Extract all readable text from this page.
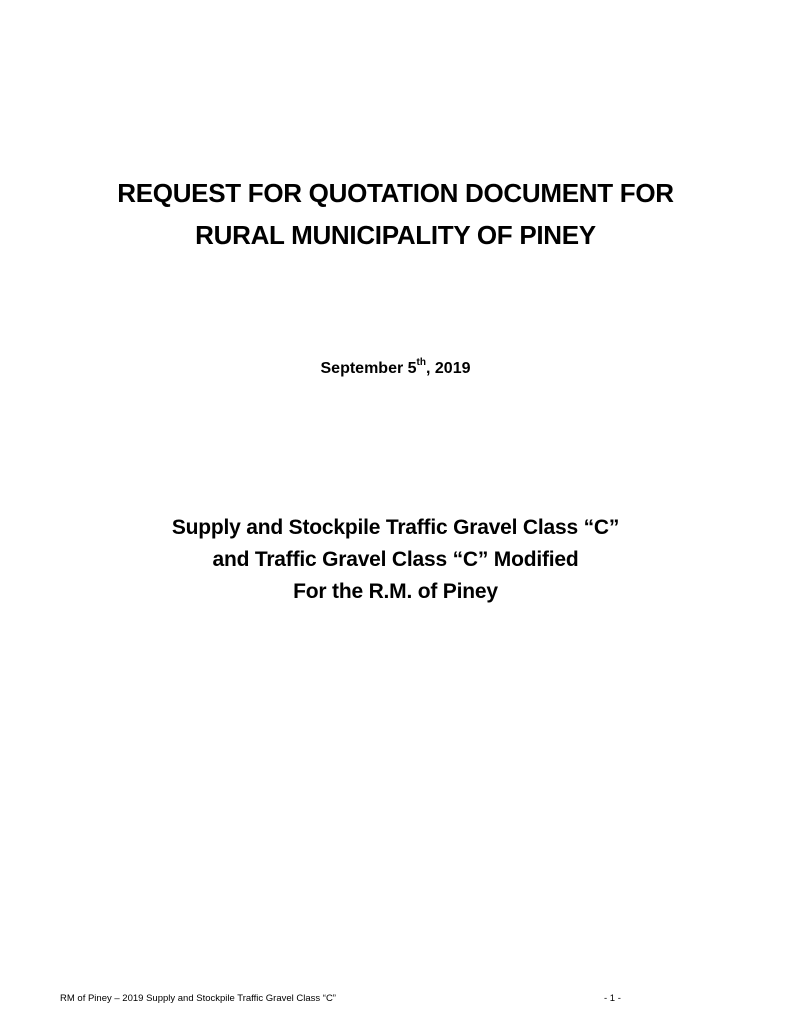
REQUEST FOR QUOTATION DOCUMENT FOR
RURAL MUNICIPALITY OF PINEY
September 5th, 2019
Supply and Stockpile Traffic Gravel Class “C”
and Traffic Gravel Class “C” Modified
For the R.M. of Piney
RM of Piney – 2019 Supply and Stockpile Traffic Gravel Class “C”	- 1 -
